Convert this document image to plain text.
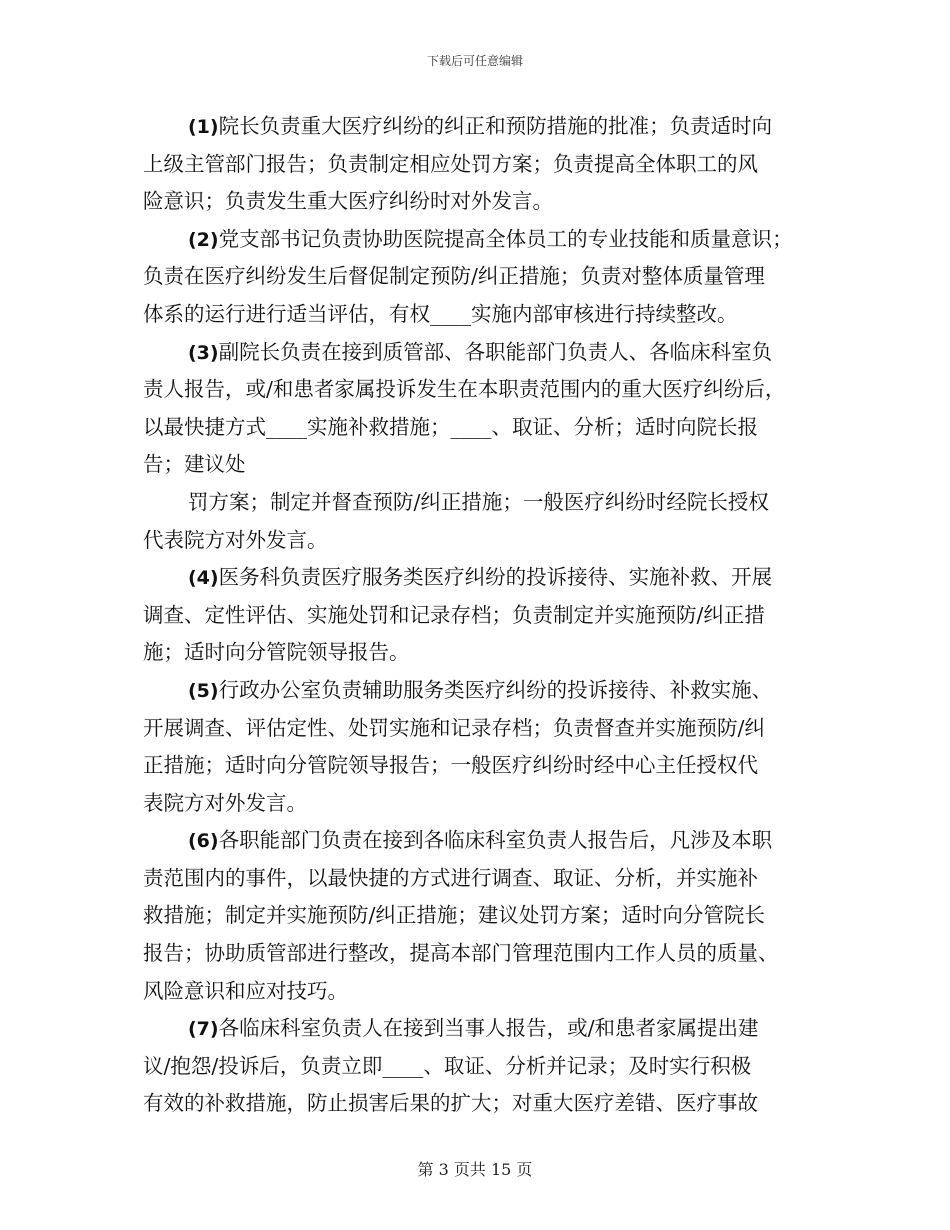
下载后可任意编辑
(1)院长负责重大医疗纠纷的纠正和预防措施的批准；负责适时向
上级主管部门报告；负责制定相应处罚方案；负责提高全体职工的风
险意识；负责发生重大医疗纠纷时对外发言。
(2)党支部书记负责协助医院提高全体员工的专业技能和质量意识；
负责在医疗纠纷发生后督促制定预防/纠正措施；负责对整体质量管理
体系的运行进行适当评估，有权____实施内部审核进行持续整改。
(3)副院长负责在接到质管部、各职能部门负责人、各临床科室负
责人报告，或/和患者家属投诉发生在本职责范围内的重大医疗纠纷后，
以最快捷方式____实施补救措施；____、取证、分析；适时向院长报
告；建议处
罚方案；制定并督查预防/纠正措施；一般医疗纠纷时经院长授权
代表院方对外发言。
(4)医务科负责医疗服务类医疗纠纷的投诉接待、实施补救、开展
调查、定性评估、实施处罚和记录存档；负责制定并实施预防/纠正措
施；适时向分管院领导报告。
(5)行政办公室负责辅助服务类医疗纠纷的投诉接待、补救实施、
开展调查、评估定性、处罚实施和记录存档；负责督查并实施预防/纠
正措施；适时向分管院领导报告；一般医疗纠纷时经中心主任授权代
表院方对外发言。
(6)各职能部门负责在接到各临床科室负责人报告后，凡涉及本职
责范围内的事件，以最快捷的方式进行调查、取证、分析，并实施补
救措施；制定并实施预防/纠正措施；建议处罚方案；适时向分管院长
报告；协助质管部进行整改，提高本部门管理范围内工作人员的质量、
风险意识和应对技巧。
(7)各临床科室负责人在接到当事人报告，或/和患者家属提出建
议/抱怨/投诉后，负责立即____、取证、分析并记录；及时实行积极
有效的补救措施，防止损害后果的扩大；对重大医疗差错、医疗事故
第 3 页共 15 页
